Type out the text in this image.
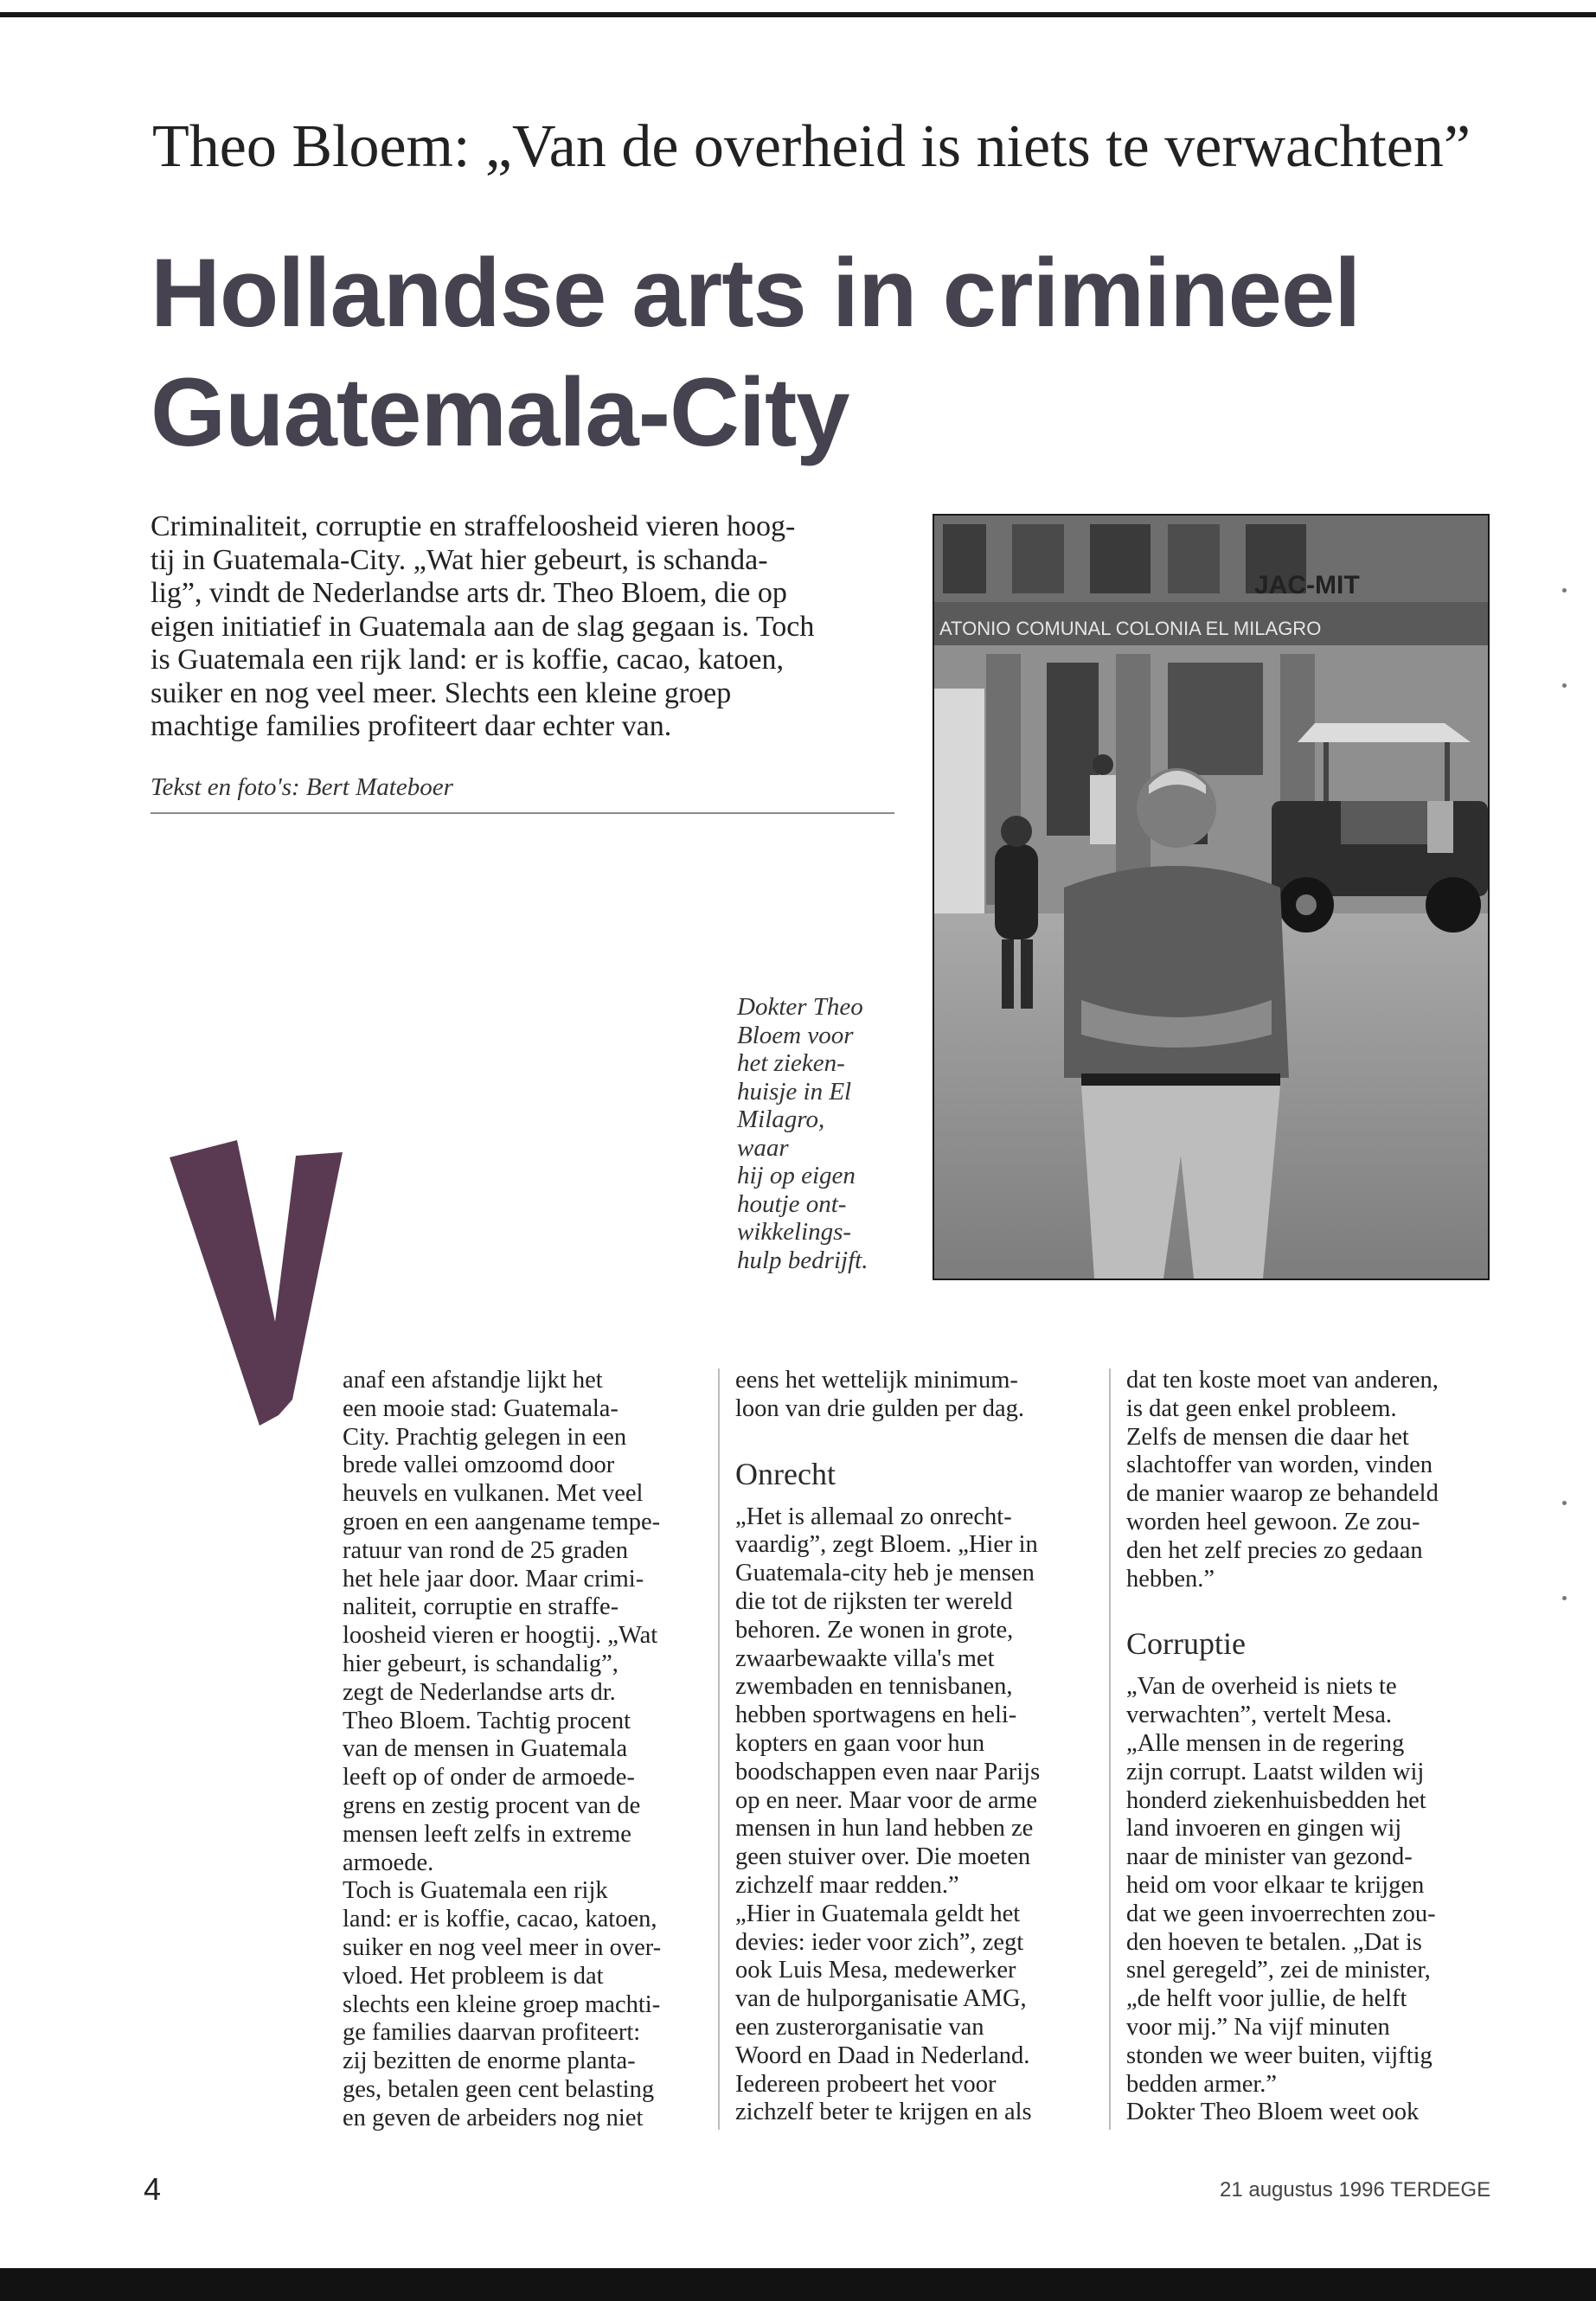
Theo Bloem: „Van de overheid is niets te verwachten”
Hollandse arts in crimineel
Guatemala-City
Criminaliteit, corruptie en straffeloosheid vieren hoog-
tij in Guatemala-City. „Wat hier gebeurt, is schanda-
lig”, vindt de Nederlandse arts dr. Theo Bloem, die op
eigen initiatief in Guatemala aan de slag gegaan is. Toch
is Guatemala een rijk land: er is koffie, cacao, katoen,
suiker en nog veel meer. Slechts een kleine groep
machtige families profiteert daar echter van.
Tekst en foto's: Bert Mateboer
ATONIO COMUNAL COLONIA EL MILAGRO
JAC-MIT
Dokter Theo
Bloem voor
het zieken-
huisje in El
Milagro,
waar
hij op eigen
houtje ont-
wikkelings-
hulp bedrijft.
V

anaf een afstandje lijkt het
een mooie stad: Guatemala-
City. Prachtig gelegen in een
brede vallei omzoomd door
heuvels en vulkanen. Met veel
groen en een aangename tempe-
ratuur van rond de 25 graden
het hele jaar door. Maar crimi-
naliteit, corruptie en straffe-
loosheid vieren er hoogtij. „Wat
hier gebeurt, is schandalig”,
zegt de Nederlandse arts dr.
Theo Bloem. Tachtig procent
van de mensen in Guatemala
leeft op of onder de armoede-
grens en zestig procent van de
mensen leeft zelfs in extreme
armoede.

Toch is Guatemala een rijk
land: er is koffie, cacao, katoen,
suiker en nog veel meer in over-
vloed. Het probleem is dat
slechts een kleine groep machti-
ge families daarvan profiteert:
zij bezitten de enorme planta-
ges, betalen geen cent belasting
en geven de arbeiders nog niet

eens het wettelijk minimum-
loon van drie gulden per dag.

Onrecht

„Het is allemaal zo onrecht-
vaardig”, zegt Bloem. „Hier in
Guatemala-city heb je mensen
die tot de rijksten ter wereld
behoren. Ze wonen in grote,
zwaarbewaakte villa's met
zwembaden en tennisbanen,
hebben sportwagens en heli-
kopters en gaan voor hun
boodschappen even naar Parijs
op en neer. Maar voor de arme
mensen in hun land hebben ze
geen stuiver over. Die moeten
zichzelf maar redden.”

„Hier in Guatemala geldt het
devies: ieder voor zich”, zegt
ook Luis Mesa, medewerker
van de hulporganisatie AMG,
een zusterorganisatie van
Woord en Daad in Nederland.
Iedereen probeert het voor
zichzelf beter te krijgen en als

dat ten koste moet van anderen,
is dat geen enkel probleem.
Zelfs de mensen die daar het
slachtoffer van worden, vinden
de manier waarop ze behandeld
worden heel gewoon. Ze zou-
den het zelf precies zo gedaan
hebben.”

Corruptie

„Van de overheid is niets te
verwachten”, vertelt Mesa.
„Alle mensen in de regering
zijn corrupt. Laatst wilden wij
honderd ziekenhuisbedden het
land invoeren en gingen wij
naar de minister van gezond-
heid om voor elkaar te krijgen
dat we geen invoerrechten zou-
den hoeven te betalen. „Dat is
snel geregeld”, zei de minister,
„de helft voor jullie, de helft
voor mij.” Na vijf minuten
stonden we weer buiten, vijftig
bedden armer.”

Dokter Theo Bloem weet ook

4	21 augustus 1996 TERDEGE
